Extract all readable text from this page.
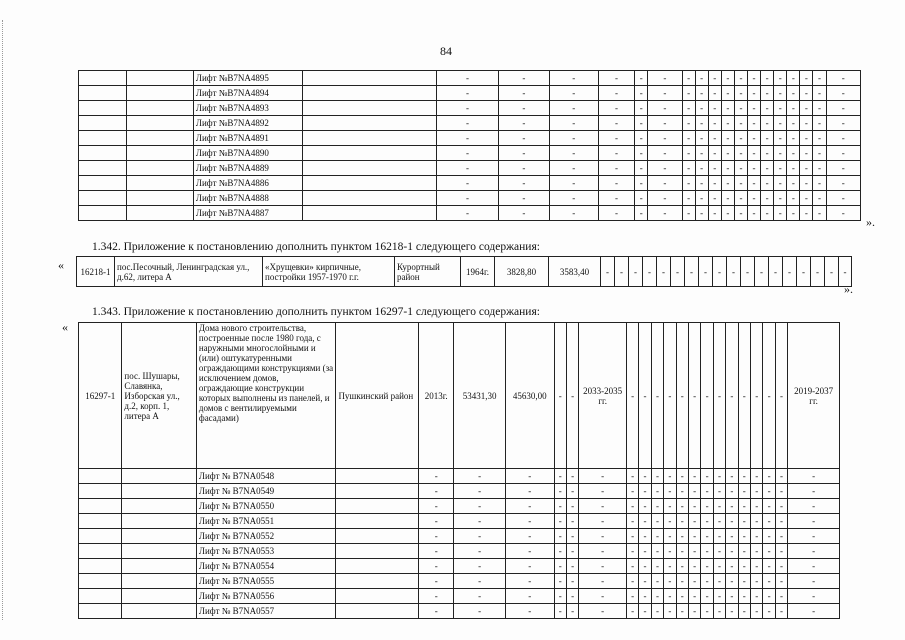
84
		Лифт №B7NA4895		-	-	-	-	-	-	-	-	-	-	-	-	-	-	-	-	-	-
		Лифт №B7NA4894		-	-	-	-	-	-	-	-	-	-	-	-	-	-	-	-	-	-
		Лифт №B7NA4893		-	-	-	-	-	-	-	-	-	-	-	-	-	-	-	-	-	-
		Лифт №B7NA4892		-	-	-	-	-	-	-	-	-	-	-	-	-	-	-	-	-	-
		Лифт №B7NA4891		-	-	-	-	-	-	-	-	-	-	-	-	-	-	-	-	-	-
		Лифт №B7NA4890		-	-	-	-	-	-	-	-	-	-	-	-	-	-	-	-	-	-
		Лифт №B7NA4889		-	-	-	-	-	-	-	-	-	-	-	-	-	-	-	-	-	-
		Лифт №B7NA4886		-	-	-	-	-	-	-	-	-	-	-	-	-	-	-	-	-	-
		Лифт №B7NA4888		-	-	-	-	-	-	-	-	-	-	-	-	-	-	-	-	-	-
		Лифт №B7NA4887		-	-	-	-	-	-	-	-	-	-	-	-	-	-	-	-	-	-
».
1.342. Приложение к постановлению дополнить пунктом 16218-1 следующего содержания:
« 16218-1	пос.Песочный, Ленинградская ул., д.62, литера А	«Хрущевки» кирпичные, постройки 1957-1970 г.г.	Курортный район	1964г.	3828,80	3583,40	-	-	-	-	-	-	-	-	-	-	-	-	-	-	-	-	-	-
».
1.343. Приложение к постановлению дополнить пунктом 16297-1 следующего содержания:
«
16297-1	пос. Шушары, Славянка, Изборская ул., д.2, корп. 1, литера А	Дома нового строительства, построенные после 1980 года, с наружными многослойными и (или) оштукатуренными ограждающими конструкциями (за исключением домов, ограждающие конструкции которых выполнены из панелей, и домов с вентилируемыми фасадами)	Пушкинский район	2013г.	53431,30	45630,00	-	-	2033-2035 гг.	-	-	-	-	-	-	-	-	-	-	-	-	-	2019-2037 гг.
		Лифт № B7NA0548		-	-	-	-	-	-	-	-	-	-	-	-	-	-	-	-	-	-	-	-
		Лифт № B7NA0549		-	-	-	-	-	-	-	-	-	-	-	-	-	-	-	-	-	-	-	-
		Лифт № B7NA0550		-	-	-	-	-	-	-	-	-	-	-	-	-	-	-	-	-	-	-	-
		Лифт № B7NA0551		-	-	-	-	-	-	-	-	-	-	-	-	-	-	-	-	-	-	-	-
		Лифт № B7NA0552		-	-	-	-	-	-	-	-	-	-	-	-	-	-	-	-	-	-	-	-
		Лифт № B7NA0553		-	-	-	-	-	-	-	-	-	-	-	-	-	-	-	-	-	-	-	-
		Лифт № B7NA0554		-	-	-	-	-	-	-	-	-	-	-	-	-	-	-	-	-	-	-	-
		Лифт № B7NA0555		-	-	-	-	-	-	-	-	-	-	-	-	-	-	-	-	-	-	-	-
		Лифт № B7NA0556		-	-	-	-	-	-	-	-	-	-	-	-	-	-	-	-	-	-	-	-
		Лифт № B7NA0557		-	-	-	-	-	-	-	-	-	-	-	-	-	-	-	-	-	-	-	-
